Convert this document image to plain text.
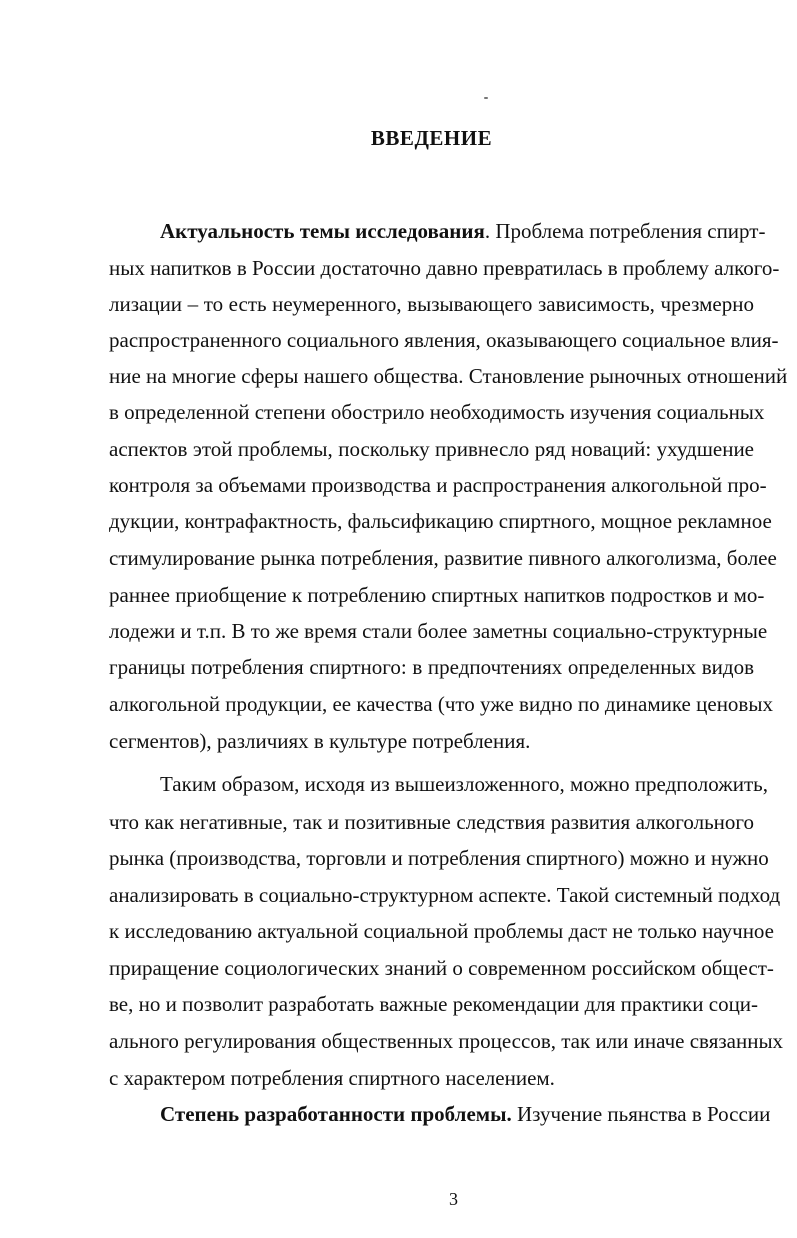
ВВЕДЕНИЕ
Актуальность темы исследования. Проблема потребления спирт-
ных напитков в России достаточно давно превратилась в проблему алкого-
лизации – то есть неумеренного, вызывающего зависимость, чрезмерно
распространенного социального явления, оказывающего социальное влия-
ние на многие сферы нашего общества. Становление рыночных отношений
в определенной степени обострило необходимость изучения социальных
аспектов этой проблемы, поскольку привнесло ряд новаций: ухудшение
контроля за объемами производства и распространения алкогольной про-
дукции, контрафактность, фальсификацию спиртного, мощное рекламное
стимулирование рынка потребления, развитие пивного алкоголизма, более
раннее приобщение к потреблению спиртных напитков подростков и мо-
лодежи и т.п. В то же время стали более заметны социально-структурные
границы потребления спиртного: в предпочтениях определенных видов
алкогольной продукции, ее качества (что уже видно по динамике ценовых
сегментов), различиях в культуре потребления.
Таким образом, исходя из вышеизложенного, можно предположить,
что как негативные, так и позитивные следствия развития алкогольного
рынка (производства, торговли и потребления спиртного) можно и нужно
анализировать в социально-структурном аспекте. Такой системный подход
к исследованию актуальной социальной проблемы даст не только научное
приращение социологических знаний о современном российском общест-
ве, но и позволит разработать важные рекомендации для практики соци-
ального регулирования общественных процессов, так или иначе связанных
с характером потребления спиртного населением.
Степень разработанности проблемы. Изучение пьянства в России
3
